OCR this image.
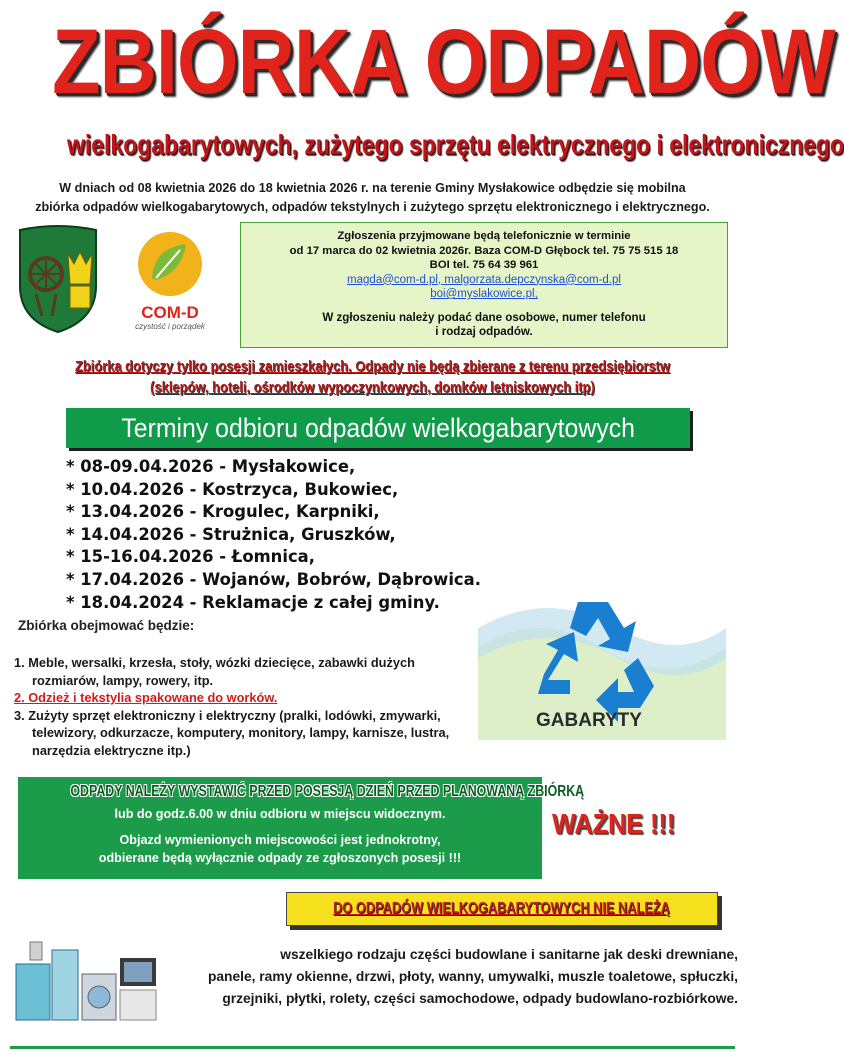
ZBIÓRKA ODPADÓW
wielkogabarytowych, zużytego sprzętu elektrycznego i elektronicznego
W dniach od 08 kwietnia 2026 do 18 kwietnia 2026 r. na terenie Gminy Mysłakowice odbędzie się mobilna
zbiórka odpadów wielkogabarytowych, odpadów tekstylnych i zużytego sprzętu elektronicznego i elektrycznego.
COM-D
czystość i porządek
Zgłoszenia przyjmowane będą telefonicznie w terminie
od 17 marca do 02 kwietnia 2026r. Baza COM-D Głębock tel. 75 75 515 18
BOI tel. 75 64 39 961
magda@com-d.pl, malgorzata.depczynska@com-d.pl
boi@myslakowice.pl,
W zgłoszeniu należy podać dane osobowe, numer telefonu
i rodzaj odpadów.
Zbiórka dotyczy tylko posesji zamieszkałych. Odpady nie będą zbierane z terenu przedsiębiorstw
(sklepów, hoteli, ośrodków wypoczynkowych, domków letniskowych itp)
Terminy odbioru odpadów wielkogabarytowych
* 08-09.04.2026 - Mysłakowice,
* 10.04.2026 - Kostrzyca, Bukowiec,
* 13.04.2026 - Krogulec, Karpniki,
* 14.04.2026 - Strużnica, Gruszków,
* 15-16.04.2026 - Łomnica,
* 17.04.2026 - Wojanów, Bobrów, Dąbrowica.
* 18.04.2024 - Reklamacje z całej gminy.
Zbiórka obejmować będzie:
1. Meble, wersalki, krzesła, stoły, wózki dziecięce, zabawki dużych rozmiarów, lampy, rowery, itp.
2. Odzież i tekstylia spakowane do worków.
3. Zużyty sprzęt elektroniczny i elektryczny (pralki, lodówki, zmywarki, telewizory, odkurzacze, komputery, monitory, lampy, karnisze, lustra, narzędzia elektryczne itp.)
GABARYTY
ODPADY NALEŻY WYSTAWIĆ PRZED POSESJĄ DZIEŃ PRZED PLANOWANĄ ZBIÓRKĄ
lub do godz.6.00 w dniu odbioru w miejscu widocznym.
Objazd wymienionych miejscowości jest jednokrotny,
odbierane będą wyłącznie odpady ze zgłoszonych posesji !!!
WAŻNE !!!
DO ODPADÓW WIELKOGABARYTOWYCH NIE NALEŻĄ
wszelkiego rodzaju części budowlane i sanitarne jak deski drewniane,
panele, ramy okienne, drzwi, płoty, wanny, umywalki, muszle toaletowe, spłuczki,
grzejniki, płytki, rolety, części samochodowe, odpady budowlano-rozbiórkowe.
